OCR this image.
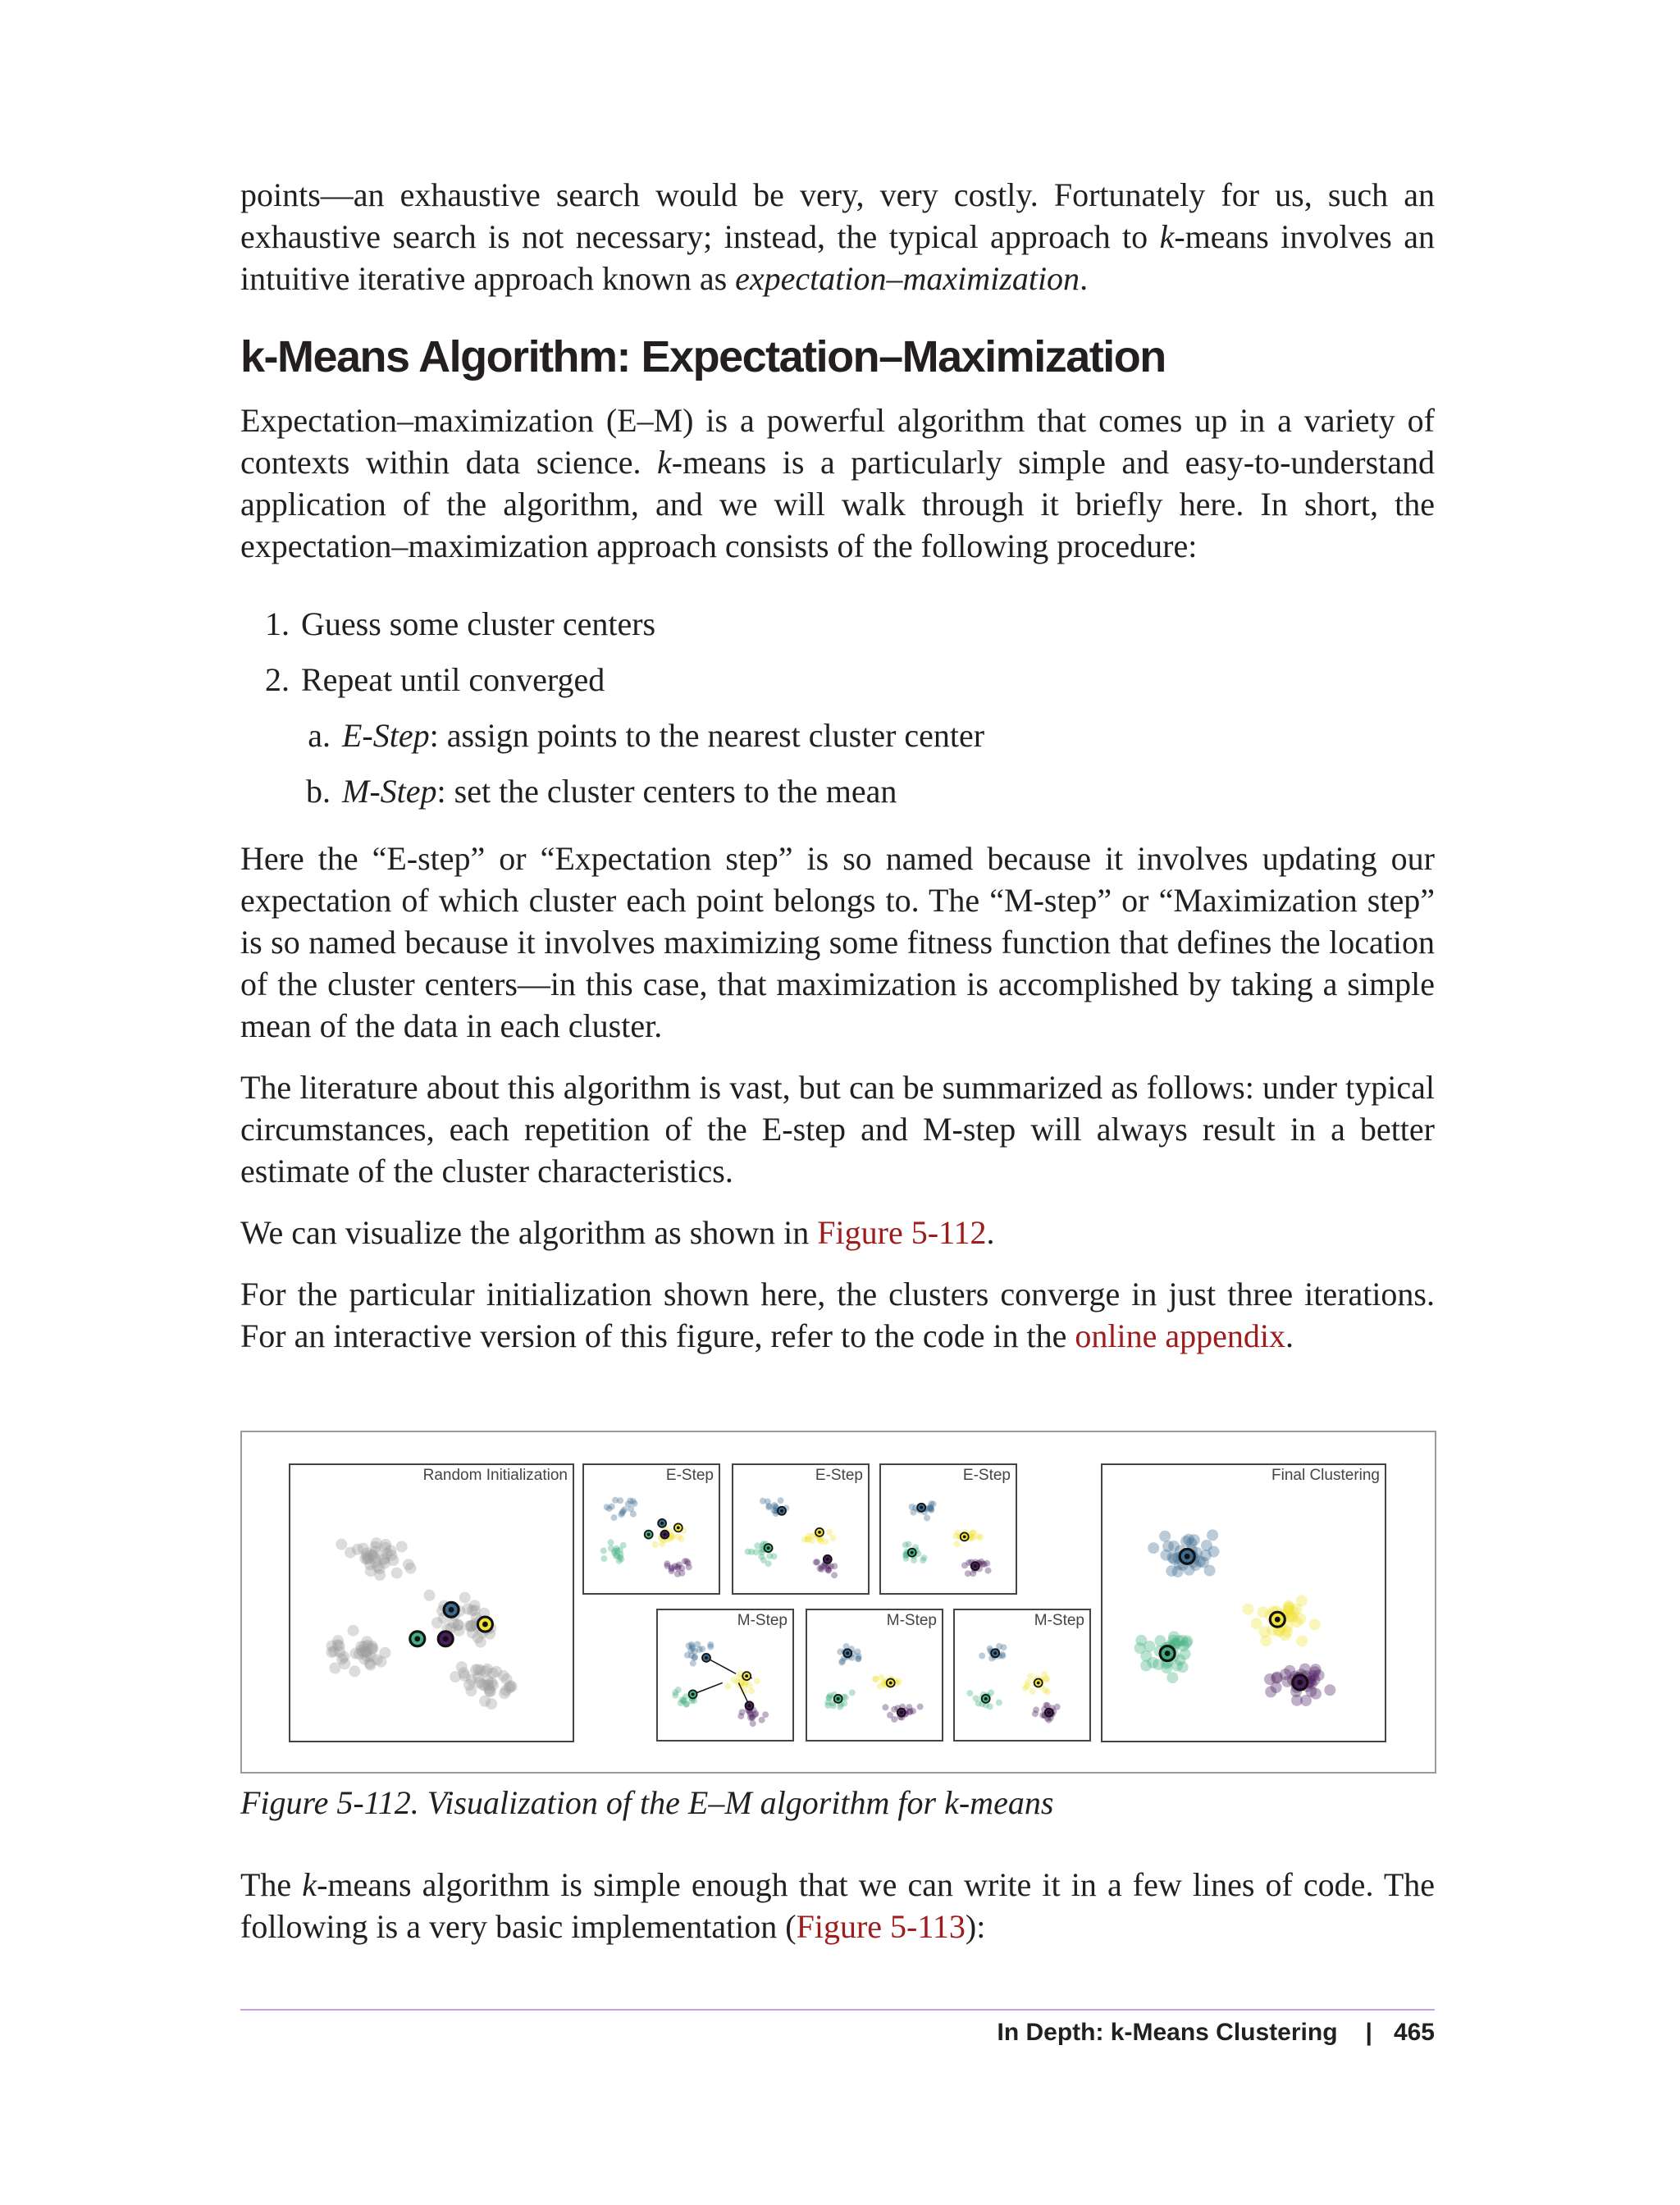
points—an exhaustive search would be very, very costly. Fortunately for us, such an exhaustive search is not necessary; instead, the typical approach to k-means involves an intuitive iterative approach known as expectation–maximization.

k-Means Algorithm: Expectation–Maximization

Expectation–maximization (E–M) is a powerful algorithm that comes up in a variety of contexts within data science. k-means is a particularly simple and easy-to-understand application of the algorithm, and we will walk through it briefly here. In short, the expectation–maximization approach consists of the following procedure:

1. Guess some cluster centers
2. Repeat until converged
a. E-Step: assign points to the nearest cluster center
b. M-Step: set the cluster centers to the mean

Here the “E-step” or “Expectation step” is so named because it involves updating our expectation of which cluster each point belongs to. The “M-step” or “Maximization step” is so named because it involves maximizing some fitness function that defines the location of the cluster centers—in this case, that maximization is accomplished by taking a simple mean of the data in each cluster.

The literature about this algorithm is vast, but can be summarized as follows: under typical circumstances, each repetition of the E-step and M-step will always result in a better estimate of the cluster characteristics.

We can visualize the algorithm as shown in Figure 5-112.

For the particular initialization shown here, the clusters converge in just three iterations. For an interactive version of this figure, refer to the code in the online appendix.

Random Initialization	E-Step	E-Step	E-Step
M-Step	M-Step	M-Step
Final Clustering
Figure 5-112. Visualization of the E–M algorithm for k-means

The k-means algorithm is simple enough that we can write it in a few lines of code. The following is a very basic implementation (Figure 5-113):

In Depth: k-Means Clustering | 465
